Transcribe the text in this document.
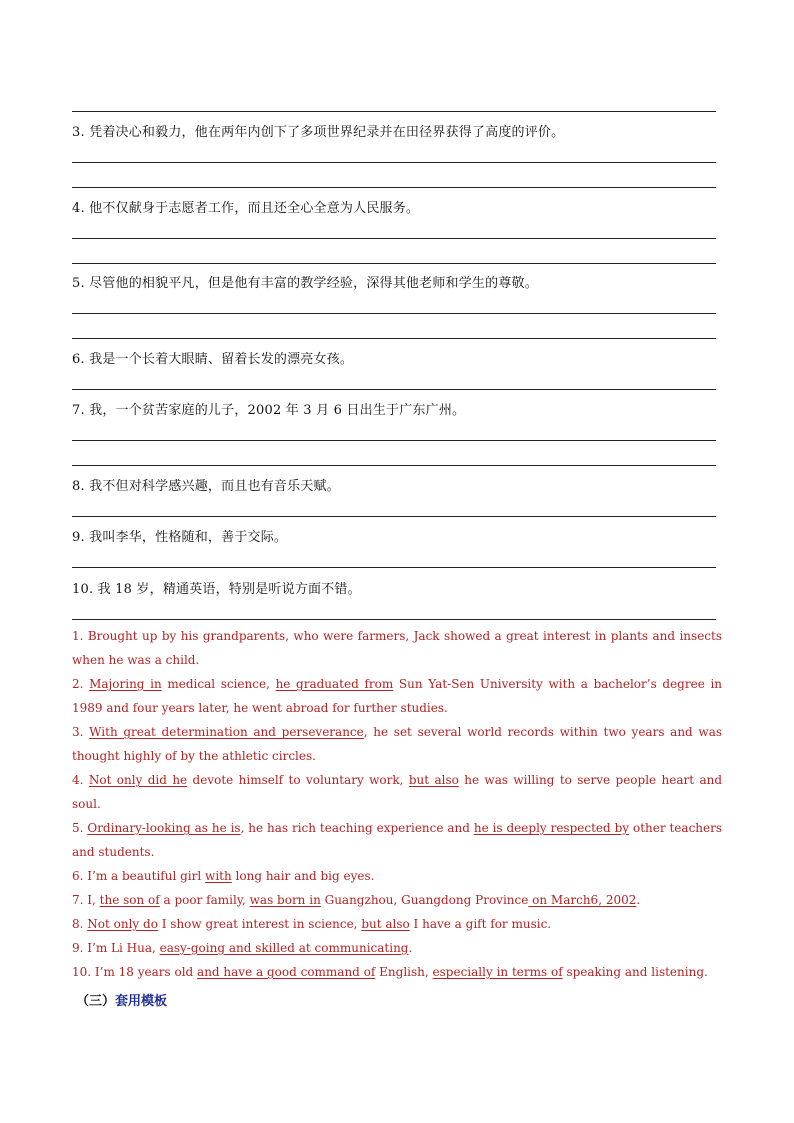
3. 凭着决心和毅力，他在两年内创下了多项世界纪录并在田径界获得了高度的评价。
4. 他不仅献身于志愿者工作，而且还全心全意为人民服务。
5. 尽管他的相貌平凡，但是他有丰富的教学经验，深得其他老师和学生的尊敬。
6. 我是一个长着大眼睛、留着长发的漂亮女孩。
7. 我，一个贫苦家庭的儿子，2002 年 3 月 6 日出生于广东广州。
8. 我不但对科学感兴趣，而且也有音乐天赋。
9. 我叫李华，性格随和，善于交际。
10. 我 18 岁，精通英语，特别是听说方面不错。

1. Brought up by his grandparents, who were farmers, Jack showed a great interest in plants and insects when he was a child.

2. Majoring in medical science, he graduated from Sun Yat-Sen University with a bachelor’s degree in 1989 and four years later, he went abroad for further studies.

3. With great determination and perseverance, he set several world records within two years and was thought highly of by the athletic circles.

4. Not only did he devote himself to voluntary work, but also he was willing to serve people heart and soul.

5. Ordinary-looking as he is, he has rich teaching experience and he is deeply respected by other teachers and students.

6. I’m a beautiful girl with long hair and big eyes.

7. I, the son of a poor family, was born in Guangzhou, Guangdong Province on March6, 2002.

8. Not only do I show great interest in science, but also I have a gift for music.

9. I’m Li Hua, easy-going and skilled at communicating.

10. I’m 18 years old and have a good command of English, especially in terms of speaking and listening.

（三）套用模板
